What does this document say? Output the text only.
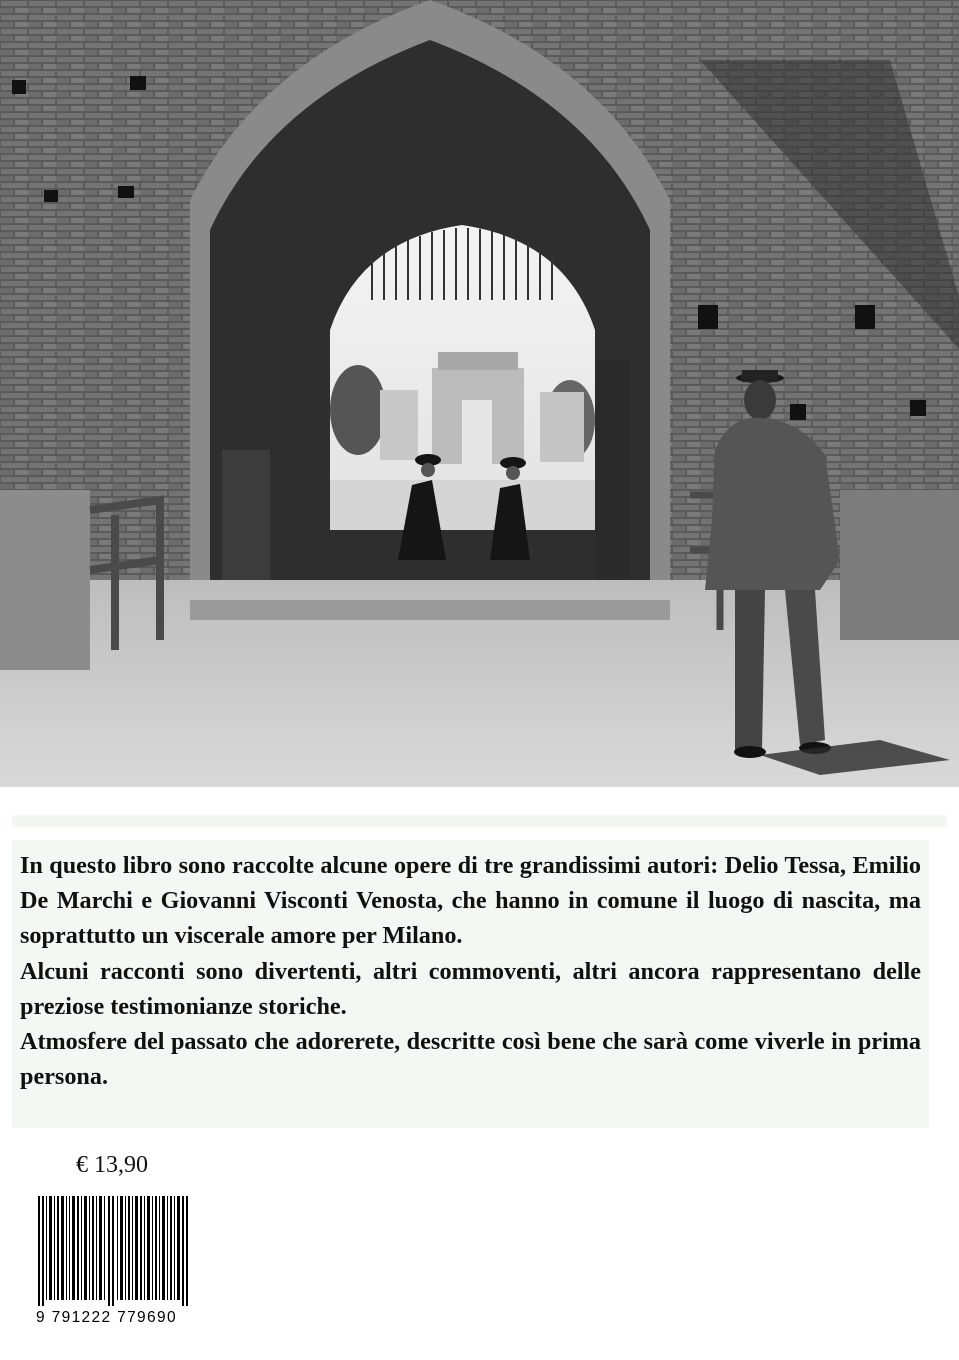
In questo libro sono raccolte alcune opere di tre grandissimi autori: Delio Tessa, Emilio De Marchi e Giovanni Visconti Venosta, che hanno in comune il luogo di nascita, ma soprattutto un viscerale amore per Milano.

Alcuni racconti sono divertenti, altri commoventi, altri ancora rappresentano delle preziose testimonianze storiche.

Atmosfere del passato che adorerete, descritte così bene che sarà come viverle in prima persona.

€ 13,90
9 791222 779690
